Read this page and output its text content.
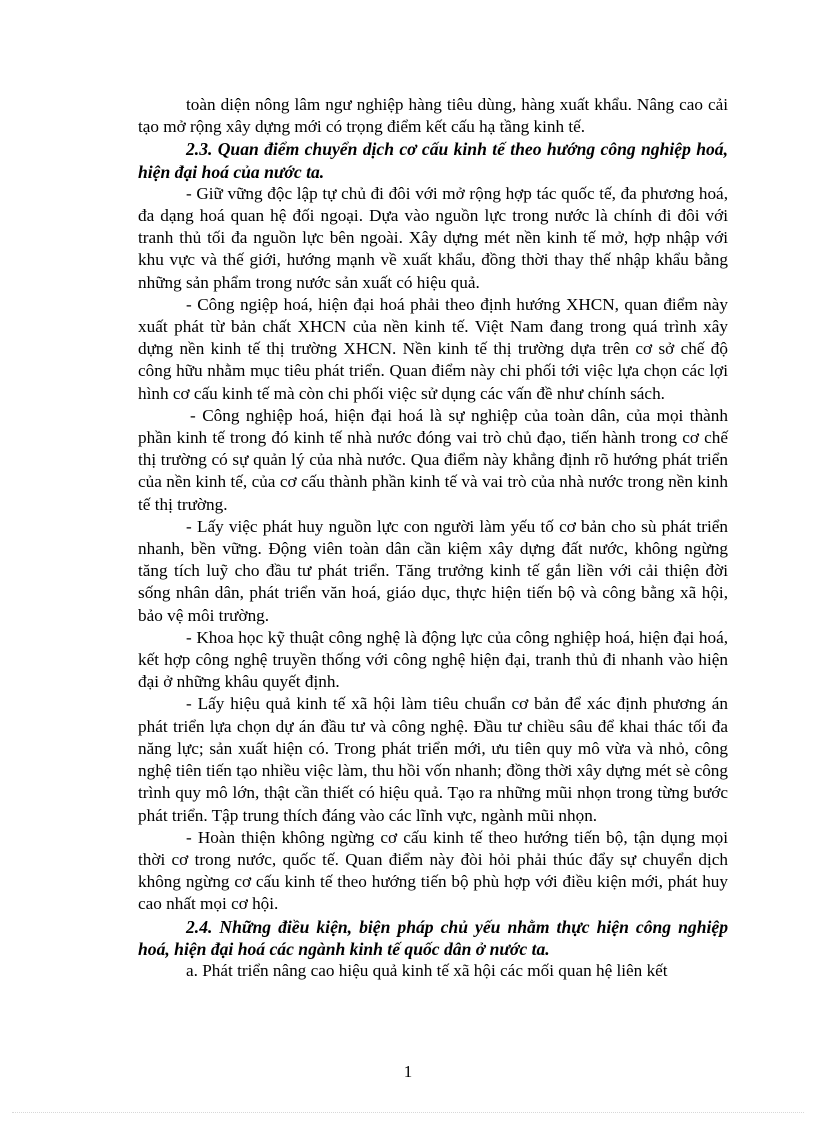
toàn diện nông lâm ngư nghiệp hàng tiêu dùng, hàng xuất khẩu. Nâng cao cải tạo mở rộng xây dựng mới có trọng điểm kết cấu hạ tầng kinh tế.

2.3. Quan điểm chuyển dịch cơ cấu kinh tế theo hướng công nghiệp hoá, hiện đại hoá của nước ta.

- Giữ vững độc lập tự chủ đi đôi với mở rộng hợp tác quốc tế, đa phương hoá, đa dạng hoá quan hệ đối ngoại. Dựa vào nguồn lực trong nước là chính đi đôi với tranh thủ tối đa nguồn lực bên ngoài. Xây dựng mét nền kinh tế mở, hợp nhập với khu vực và thế giới, hướng mạnh về xuất khẩu, đồng thời thay thế nhập khẩu bằng những sản phẩm trong nước sản xuất có hiệu quả.

- Công ngiệp hoá, hiện đại hoá phải theo định hướng XHCN, quan điểm này xuất phát từ bản chất XHCN của nền kinh tế. Việt Nam đang trong quá trình xây dựng nền kinh tế thị trường XHCN. Nền kinh tế thị trường dựa trên cơ sở chế độ công hữu nhằm mục tiêu phát triển. Quan điểm này chi phối tới việc lựa chọn các lợi hình cơ cấu kinh tế mà còn chi phối việc sử dụng các vấn đề như chính sách.

- Công nghiệp hoá, hiện đại hoá là sự nghiệp của toàn dân, của mọi thành phần kinh tế trong đó kinh tế nhà nước đóng vai trò chủ đạo, tiến hành trong cơ chế thị trường có sự quản lý của nhà nước. Qua điểm này khẳng định rõ hướng phát triển của nền kinh tế, của cơ cấu thành phần kinh tế và vai trò của nhà nước trong nền kinh tế thị trường.

- Lấy việc phát huy nguồn lực con người làm yếu tố cơ bản cho sù phát triển nhanh, bền vững. Động viên toàn dân cần kiệm xây dựng đất nước, không ngừng tăng tích luỹ cho đầu tư phát triển. Tăng trưởng kinh tế gắn liền với cải thiện đời sống nhân dân, phát triển văn hoá, giáo dục, thực hiện tiến bộ và công bằng xã hội, bảo vệ môi trường.

- Khoa học kỹ thuật công nghệ là động lực của công nghiệp hoá, hiện đại hoá, kết hợp công nghệ truyền thống với công nghệ hiện đại, tranh thủ đi nhanh vào hiện đại ở những khâu quyết định.

- Lấy hiệu quả kinh tế xã hội làm tiêu chuẩn cơ bản để xác định phương án phát triển lựa chọn dự án đầu tư và công nghệ. Đầu tư chiều sâu để khai thác tối đa năng lực; sản xuất hiện có. Trong phát triển mới, ưu tiên quy mô vừa và nhỏ, công nghệ tiên tiến tạo nhiều việc làm, thu hồi vốn nhanh; đồng thời xây dựng mét sè công trình quy mô lớn, thật cần thiết có hiệu quả. Tạo ra những mũi nhọn trong từng bước phát triển. Tập trung thích đáng vào các lĩnh vực, ngành mũi nhọn.

- Hoàn thiện không ngừng cơ cấu kinh tế theo hướng tiến bộ, tận dụng mọi thời cơ trong nước, quốc tế. Quan điểm này đòi hỏi phải thúc đẩy sự chuyển dịch không ngừng cơ cấu kinh tế theo hướng tiến bộ phù hợp với điều kiện mới, phát huy cao nhất mọi cơ hội.

2.4. Những điều kiện, biện pháp chủ yếu nhằm thực hiện công nghiệp hoá, hiện đại hoá các ngành kinh tế quốc dân ở nước ta.

a. Phát triển nâng cao hiệu quả kinh tế xã hội các mối quan hệ liên kết

1
